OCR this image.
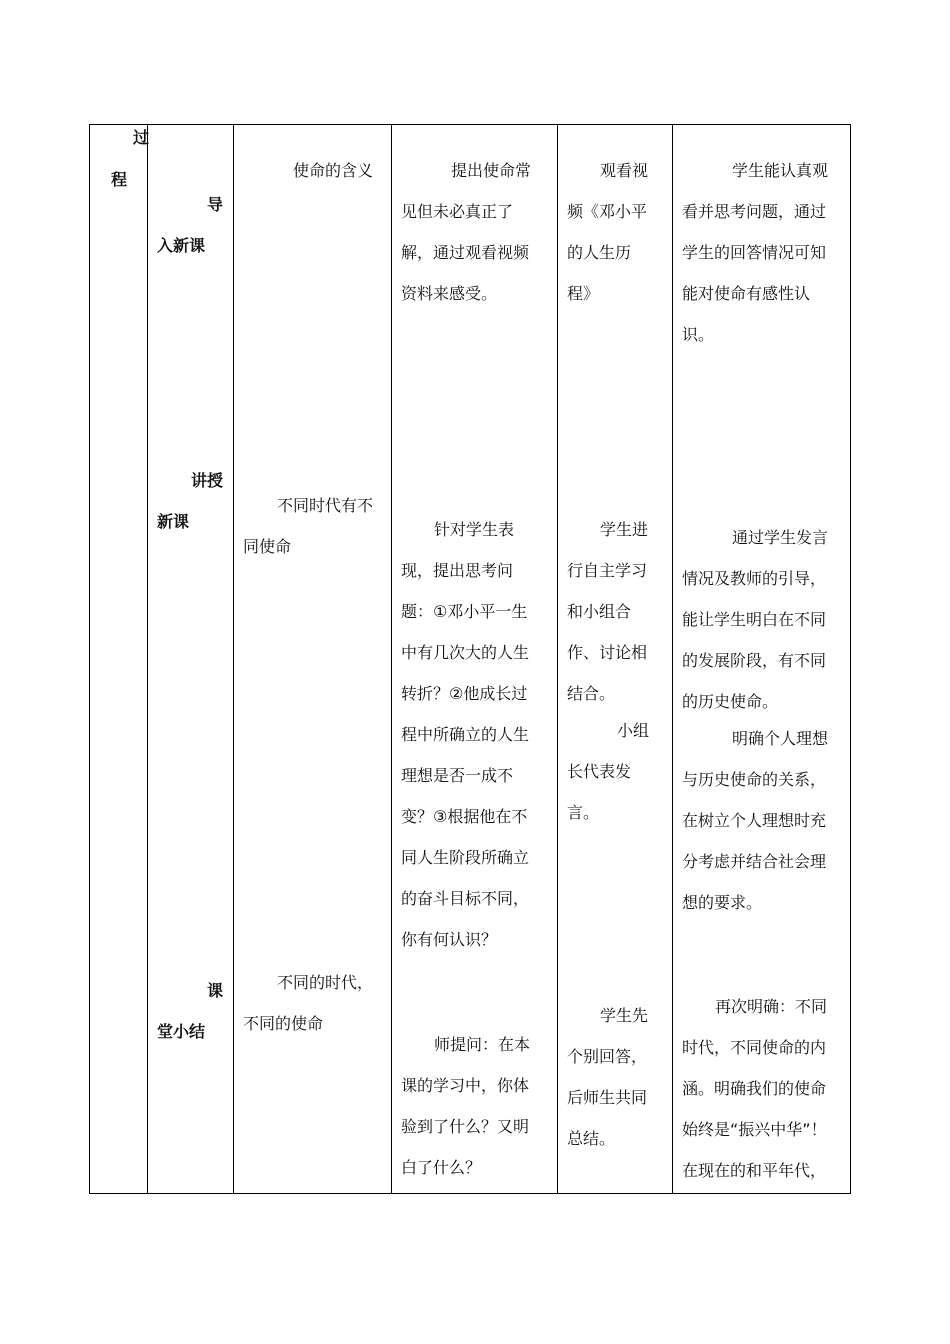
过
程
导
入新课
使命的含义	提出使命常
见但未必真正了
解，通过观看视频
资料来感受。
观看视
频《邓小平
的人生历
程》
学生能认真观
看并思考问题，通过
学生的回答情况可知
能对使命有感性认
识。
讲授
新课
不同时代有不
同使命
针对学生表
现，提出思考问
题：①邓小平一生
中有几次大的人生
转折？②他成长过
程中所确立的人生
理想是否一成不
变？③根据他在不
同人生阶段所确立
的奋斗目标不同，
你有何认识？
学生进
行自主学习
和小组合
作、讨论相
结合。
小组
长代表发
言。
通过学生发言
情况及教师的引导，
能让学生明白在不同
的发展阶段，有不同
的历史使命。
明确个人理想
与历史使命的关系，
在树立个人理想时充
分考虑并结合社会理
想的要求。
课
堂小结
不同的时代，
不同的使命
师提问：在本
课的学习中，你体
验到了什么？又明
白了什么？
学生先
个别回答，
后师生共同
总结。
再次明确：不同
时代，不同使命的内
涵。明确我们的使命
始终是“振兴中华”！
在现在的和平年代，
